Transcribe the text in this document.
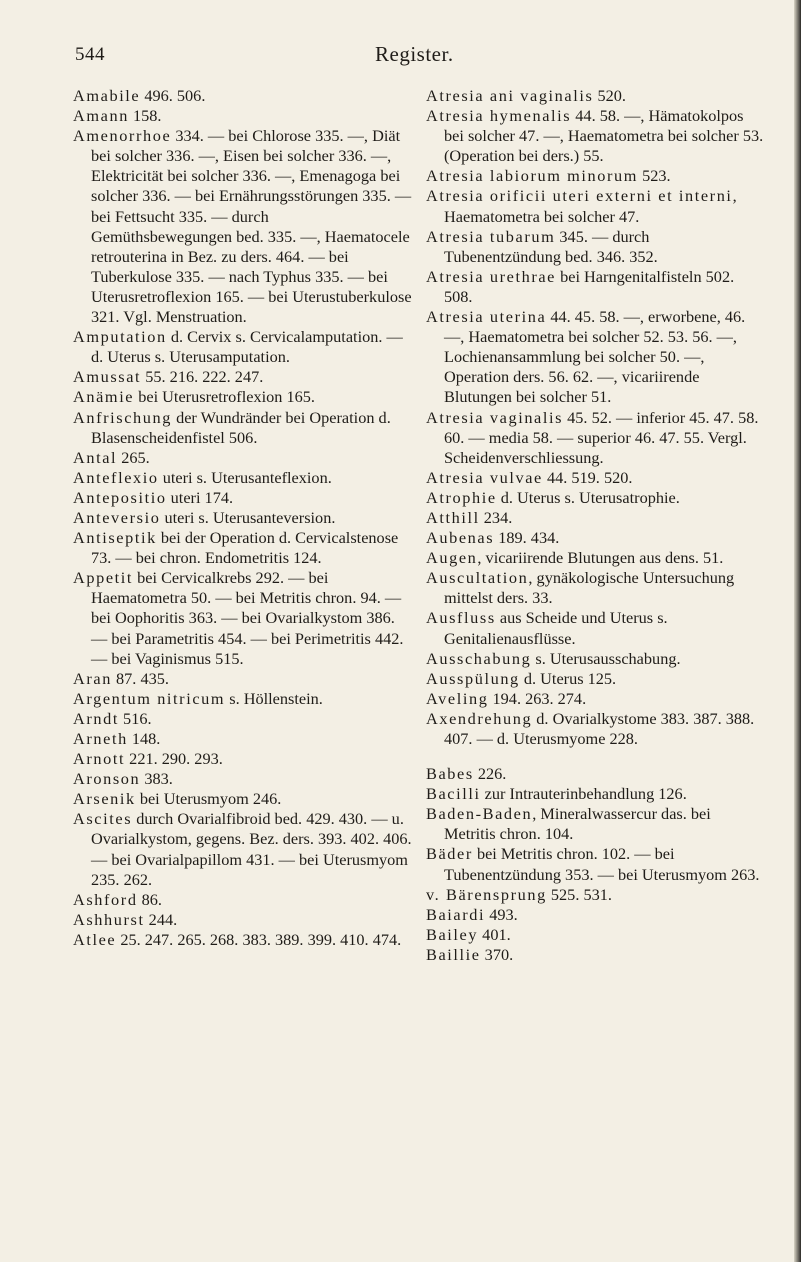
544	Register.

Amabile 496. 506.

Amann 158.

Amenorrhoe 334. — bei Chlorose 335. —, Diät bei solcher 336. —, Eisen bei solcher 336. —, Elektricität bei solcher 336. —, Emenagoga bei solcher 336. — bei Ernährungsstörungen 335. — bei Fettsucht 335. — durch Gemüthsbewegungen bed. 335. —, Haematocele retrouterina in Bez. zu ders. 464. — bei Tuberkulose 335. — nach Typhus 335. — bei Uterusretroflexion 165. — bei Uterustuberkulose 321. Vgl. Menstruation.

Amputation d. Cervix s. Cervicalamputation. — d. Uterus s. Uterusamputation.

Amussat 55. 216. 222. 247.

Anämie bei Uterusretroflexion 165.

Anfrischung der Wundränder bei Operation d. Blasenscheidenfistel 506.

Antal 265.

Anteflexio uteri s. Uterusanteflexion.

Antepositio uteri 174.

Anteversio uteri s. Uterusanteversion.

Antiseptik bei der Operation d. Cervicalstenose 73. — bei chron. Endometritis 124.

Appetit bei Cervicalkrebs 292. — bei Haematometra 50. — bei Metritis chron. 94. — bei Oophoritis 363. — bei Ovarialkystom 386. — bei Parametritis 454. — bei Perimetritis 442. — bei Vaginismus 515.

Aran 87. 435.

Argentum nitricum s. Höllenstein.

Arndt 516.

Arneth 148.

Arnott 221. 290. 293.

Aronson 383.

Arsenik bei Uterusmyom 246.

Ascites durch Ovarialfibroid bed. 429. 430. — u. Ovarialkystom, gegens. Bez. ders. 393. 402. 406. — bei Ovarialpapillom 431. — bei Uterusmyom 235. 262.

Ashford 86.

Ashhurst 244.

Atlee 25. 247. 265. 268. 383. 389. 399. 410. 474.

Atresia ani vaginalis 520.

Atresia hymenalis 44. 58. —, Hämatokolpos bei solcher 47. —, Haematometra bei solcher 53. (Operation bei ders.) 55.

Atresia labiorum minorum 523.

Atresia orificii uteri externi et interni, Haematometra bei solcher 47.

Atresia tubarum 345. — durch Tubenentzündung bed. 346. 352.

Atresia urethrae bei Harngenitalfisteln 502. 508.

Atresia uterina 44. 45. 58. —, erworbene, 46. —, Haematometra bei solcher 52. 53. 56. —, Lochienansammlung bei solcher 50. —, Operation ders. 56. 62. —, vicariirende Blutungen bei solcher 51.

Atresia vaginalis 45. 52. — inferior 45. 47. 58. 60. — media 58. — superior 46. 47. 55. Vergl. Scheidenverschliessung.

Atresia vulvae 44. 519. 520.

Atrophie d. Uterus s. Uterusatrophie.

Atthill 234.

Aubenas 189. 434.

Augen, vicariirende Blutungen aus dens. 51.

Auscultation, gynäkologische Untersuchung mittelst ders. 33.

Ausfluss aus Scheide und Uterus s. Genitalienausflüsse.

Ausschabung s. Uterusausschabung.

Ausspülung d. Uterus 125.

Aveling 194. 263. 274.

Axendrehung d. Ovarialkystome 383. 387. 388. 407. — d. Uterusmyome 228.

Babes 226.

Bacilli zur Intrauterinbehandlung 126.

Baden-Baden, Mineralwassercur das. bei Metritis chron. 104.

Bäder bei Metritis chron. 102. — bei Tubenentzündung 353. — bei Uterusmyom 263.

v. Bärensprung 525. 531.

Baiardi 493.

Bailey 401.

Baillie 370.
